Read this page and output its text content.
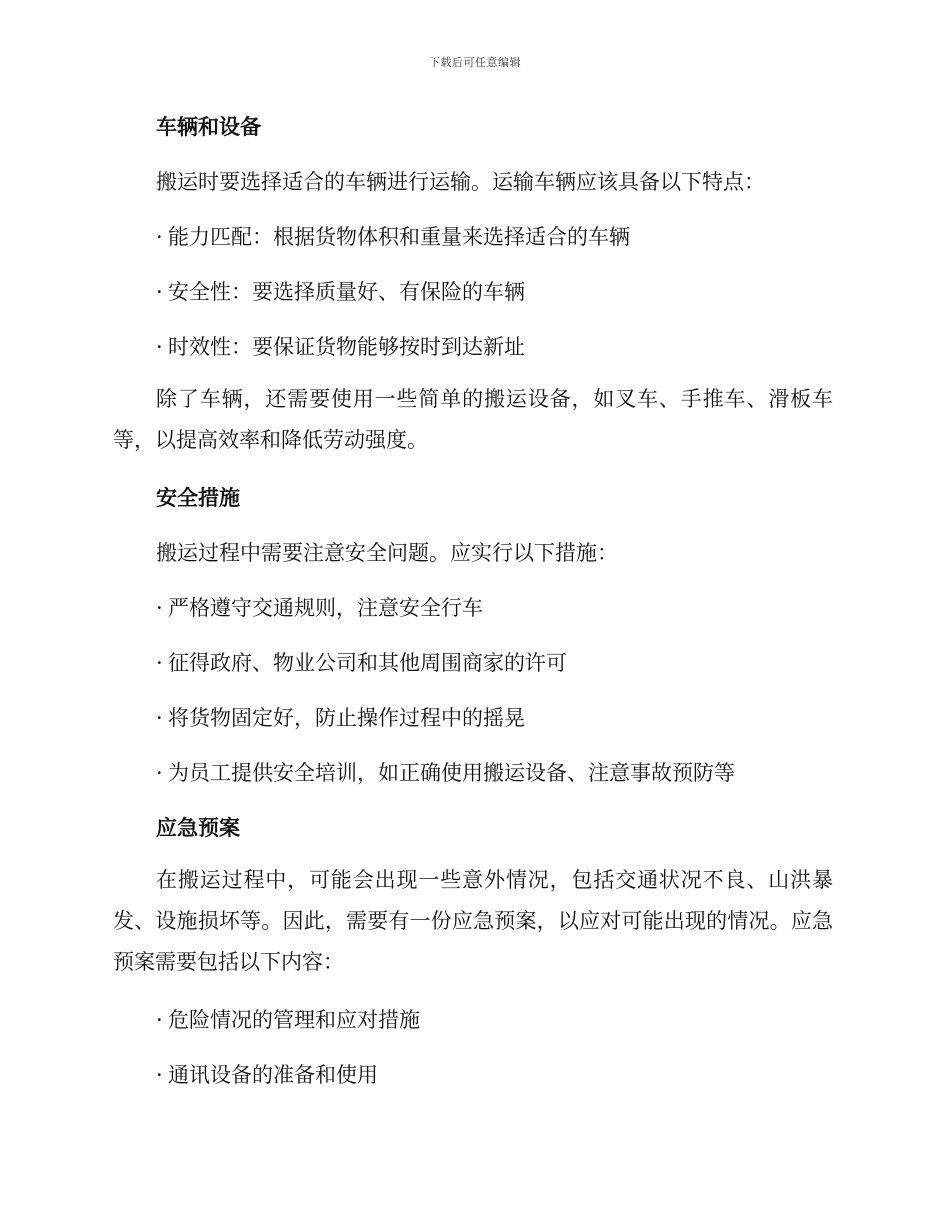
下载后可任意编辑
车辆和设备
搬运时要选择适合的车辆进行运输。运输车辆应该具备以下特点：
· 能力匹配：根据货物体积和重量来选择适合的车辆
· 安全性：要选择质量好、有保险的车辆
· 时效性：要保证货物能够按时到达新址
除了车辆，还需要使用一些简单的搬运设备，如叉车、手推车、滑板车等，以提高效率和降低劳动强度。
安全措施
搬运过程中需要注意安全问题。应实行以下措施：
· 严格遵守交通规则，注意安全行车
· 征得政府、物业公司和其他周围商家的许可
· 将货物固定好，防止操作过程中的摇晃
· 为员工提供安全培训，如正确使用搬运设备、注意事故预防等
应急预案
在搬运过程中，可能会出现一些意外情况，包括交通状况不良、山洪暴发、设施损坏等。因此，需要有一份应急预案，以应对可能出现的情况。应急预案需要包括以下内容：
· 危险情况的管理和应对措施
· 通讯设备的准备和使用
